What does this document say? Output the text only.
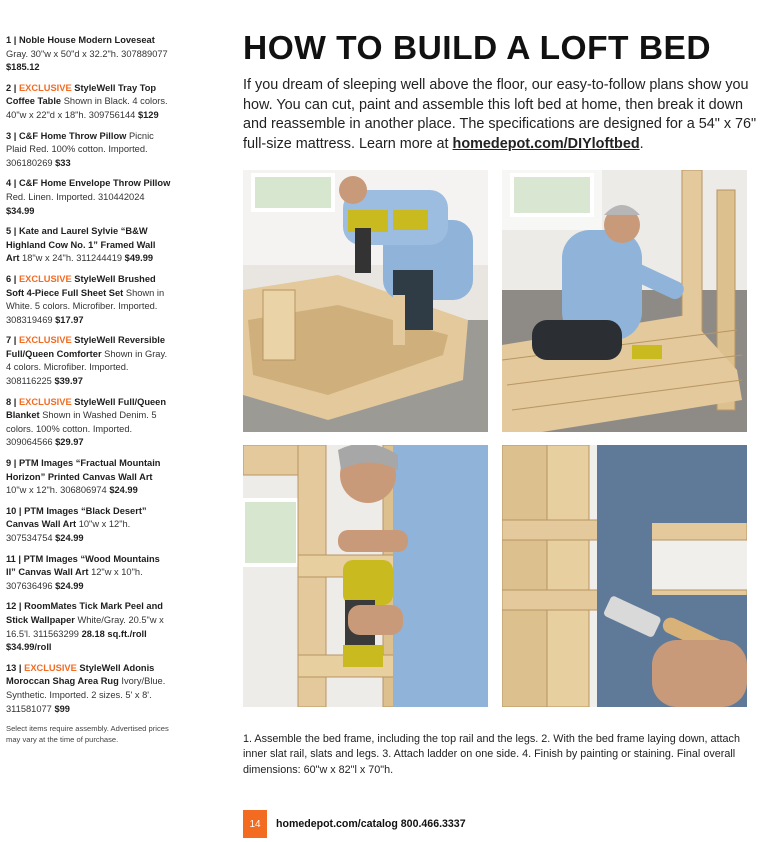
1 | Noble House Modern Loveseat Gray. 30"w x 50"d x 32.2"h. 307889077 $185.12
2 | EXCLUSIVE StyleWell Tray Top Coffee Table Shown in Black. 4 colors. 40"w x 22"d x 18"h. 309756144 $129
3 | C&F Home Throw Pillow Picnic Plaid Red. 100% cotton. Imported. 306180269 $33
4 | C&F Home Envelope Throw Pillow Red. Linen. Imported. 310442024 $34.99
5 | Kate and Laurel Sylvie “B&W Highland Cow No. 1” Framed Wall Art 18"w x 24"h. 311244419 $49.99
6 | EXCLUSIVE StyleWell Brushed Soft 4-Piece Full Sheet Set Shown in White. 5 colors. Microfiber. Imported. 308319469 $17.97
7 | EXCLUSIVE StyleWell Reversible Full/Queen Comforter Shown in Gray. 4 colors. Microfiber. Imported. 308116225 $39.97
8 | EXCLUSIVE StyleWell Full/Queen Blanket Shown in Washed Denim. 5 colors. 100% cotton. Imported. 309064566 $29.97
9 | PTM Images “Fractual Mountain Horizon” Printed Canvas Wall Art 10"w x 12"h. 306806974 $24.99
10 | PTM Images “Black Desert” Canvas Wall Art 10"w x 12"h. 307534754 $24.99
11 | PTM Images “Wood Mountains II” Canvas Wall Art 12"w x 10"h. 307636496 $24.99
12 | RoomMates Tick Mark Peel and Stick Wallpaper White/Gray. 20.5"w x 16.5'l. 311563299 28.18 sq.ft./roll $34.99/roll
13 | EXCLUSIVE StyleWell Adonis Moroccan Shag Area Rug Ivory/Blue. Synthetic. Imported. 2 sizes. 5' x 8'. 311581077 $99
Select items require assembly. Advertised prices may vary at the time of purchase.
HOW TO BUILD A LOFT BED

If you dream of sleeping well above the floor, our easy-to-follow plans show you how. You can cut, paint and assemble this loft bed at home, then break it down and reassemble in another place. The specifications are designed for a 54" x 76" full-size mattress. Learn more at homedepot.com/DIYloftbed.

1. Assemble the bed frame, including the top rail and the legs. 2. With the bed frame laying down, attach inner slat rail, slats and legs. 3. Attach ladder on one side. 4. Finish by painting or staining. Final overall dimensions: 60"w x 82"l x 70"h.

14	homedepot.com/catalog 800.466.3337
